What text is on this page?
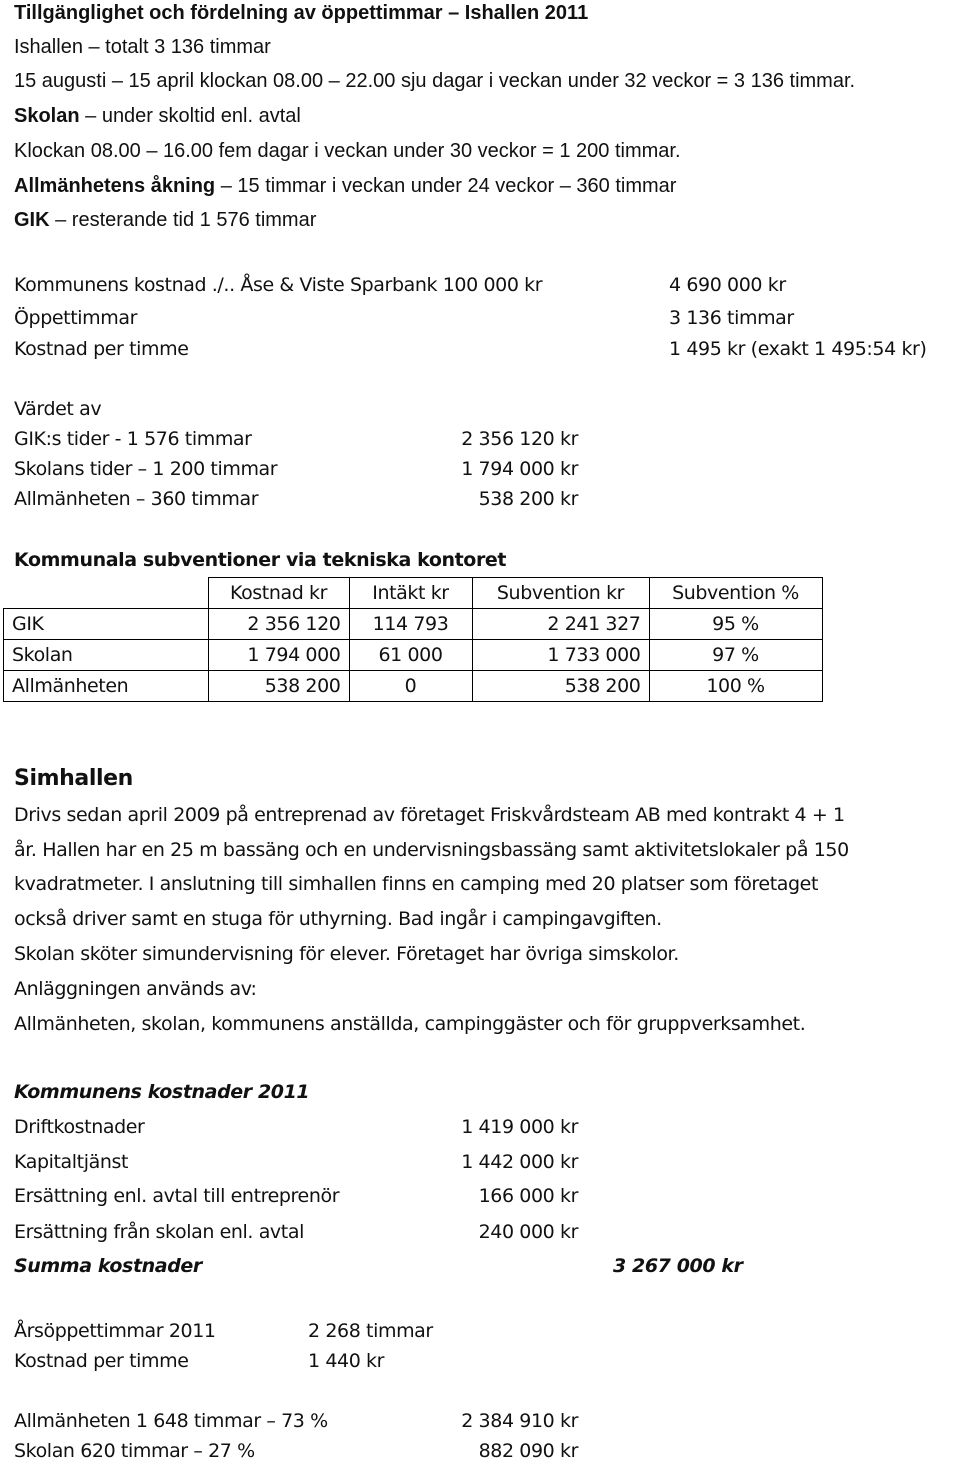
Tillgänglighet och fördelning av öppettimmar – Ishallen 2011
Ishallen – totalt 3 136 timmar
15 augusti – 15 april klockan 08.00 – 22.00 sju dagar i veckan under 32 veckor = 3 136 timmar.
Skolan – under skoltid enl. avtal
Klockan 08.00 – 16.00 fem dagar i veckan under 30 veckor = 1 200 timmar.
Allmänhetens åkning – 15 timmar i veckan under 24 veckor – 360 timmar
GIK – resterande tid 1 576 timmar
Kommunens kostnad ./.. Åse & Viste Sparbank 100 000 kr	4 690 000 kr
Öppettimmar	3 136 timmar
Kostnad per timme	1 495 kr (exakt 1 495:54 kr)
Värdet av
GIK:s tider - 1 576 timmar	2 356 120 kr
Skolans tider – 1 200 timmar	1 794 000 kr
Allmänheten – 360 timmar	538 200 kr
Kommunala subventioner via tekniska kontoret
	Kostnad kr	Intäkt kr	Subvention kr	Subvention %
GIK	2 356 120	114 793	2 241 327	95 %
Skolan	1 794 000	61 000	1 733 000	97 %
Allmänheten	538 200	0	538 200	100 %
Simhallen
Drivs sedan april 2009 på entreprenad av företaget Friskvårdsteam AB med kontrakt 4 + 1
år. Hallen har en 25 m bassäng och en undervisningsbassäng samt aktivitetslokaler på 150
kvadratmeter. I anslutning till simhallen finns en camping med 20 platser som företaget
också driver samt en stuga för uthyrning. Bad ingår i campingavgiften.
Skolan sköter simundervisning för elever. Företaget har övriga simskolor.
Anläggningen används av:
Allmänheten, skolan, kommunens anställda, campinggäster och för gruppverksamhet.
Kommunens kostnader 2011
Driftkostnader	1 419 000 kr
Kapitaltjänst	1 442 000 kr
Ersättning enl. avtal till entreprenör	166 000 kr
Ersättning från skolan enl. avtal	240 000 kr
Summa kostnader	3 267 000 kr
Årsöppettimmar 2011	2 268 timmar
Kostnad per timme	1 440 kr
Allmänheten 1 648 timmar – 73 %	2 384 910 kr
Skolan 620 timmar – 27 %	882 090 kr
